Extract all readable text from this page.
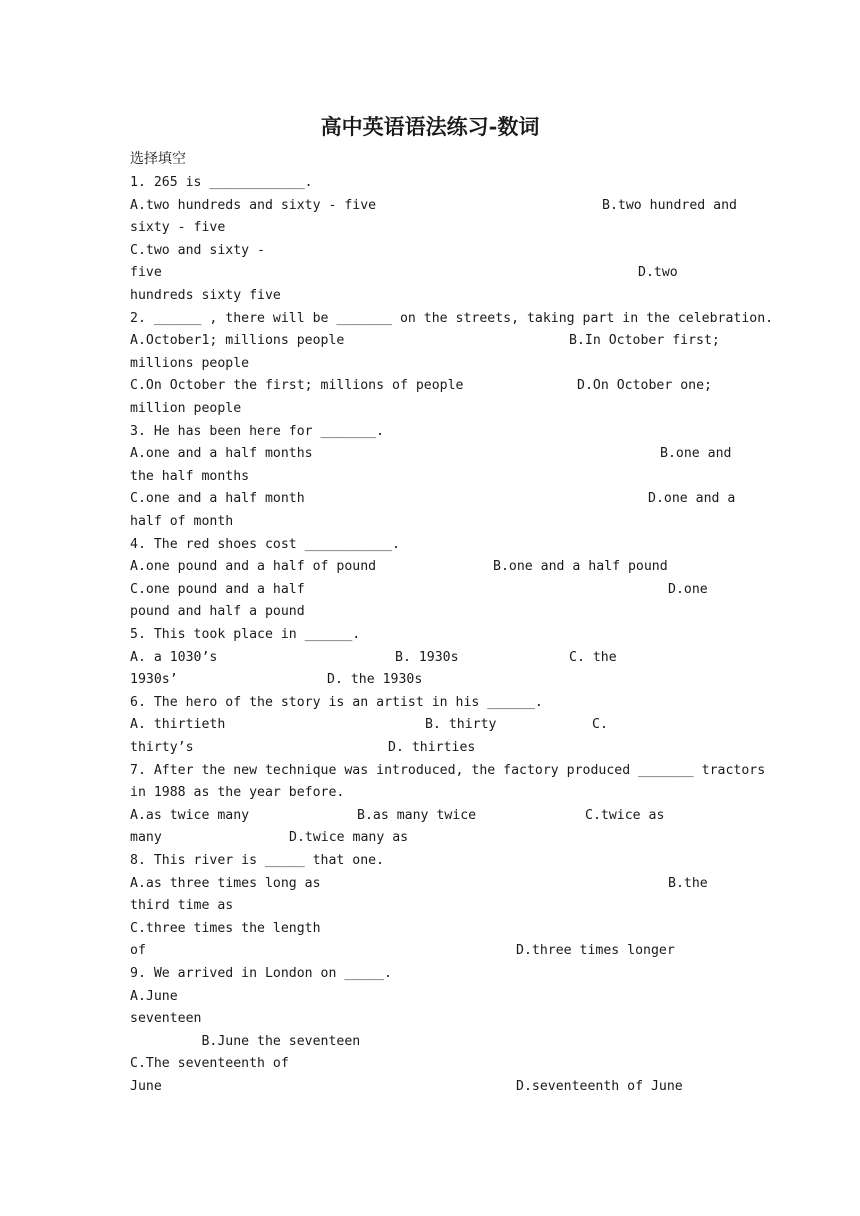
高中英语语法练习-数词
选择填空
1. 265 is ____________.
A.two hundreds and sixty - five	B.two hundred and
sixty - five
C.two and sixty -
five	D.two
hundreds sixty five
2. ______ , there will be _______ on the streets, taking part in the celebration.
A.October1; millions people	B.In October first;
millions people
C.On October the first; millions of people	D.On October one;
million people
3. He has been here for _______.
A.one and a half months	B.one and
the half months
C.one and a half month	D.one and a
half of month
4. The red shoes cost ___________.
A.one pound and a half of pound	B.one and a half pound
C.one pound and a half	D.one
pound and half a pound
5. This took place in ______.
A. a 1030’s	B. 1930s	C. the
1930s’	D. the 1930s
6. The hero of the story is an artist in his ______.
A. thirtieth	B. thirty	C.
thirty’s	D. thirties
7. After the new technique was introduced, the factory produced _______ tractors
in 1988 as the year before.
A.as twice many	B.as many twice	C.twice as
many	D.twice many as
8. This river is _____ that one.
A.as three times long as	B.the
third time as
C.three times the length
of	D.three times longer
9. We arrived in London on _____.
A.June
seventeen
B.June the seventeen
C.The seventeenth of
June	D.seventeenth of June
